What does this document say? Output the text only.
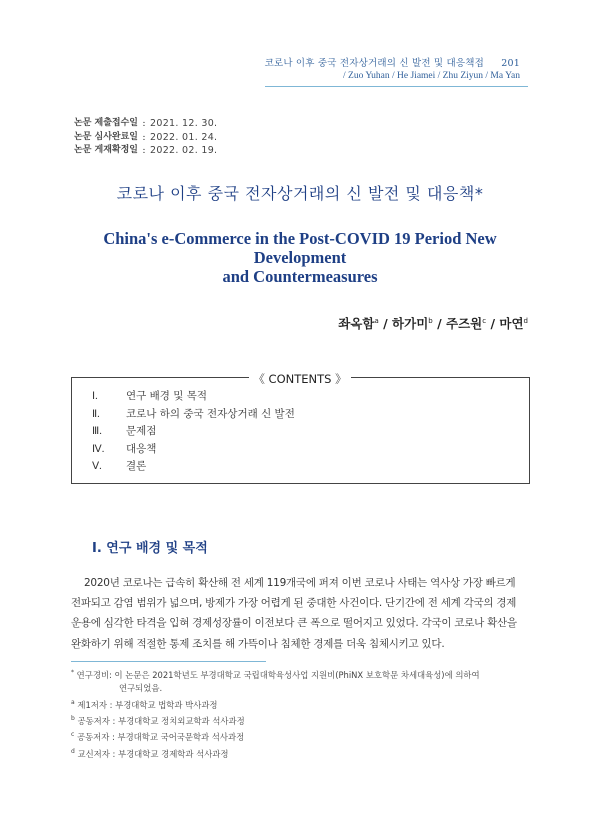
코로나 이후 중국 전자상거래의 신 발전 및 대응책접 201
/ Zuo Yuhan / He Jiamei / Zhu Ziyun / Ma Yan
논문 제출접수일 : 2021. 12. 30.
논문 심사완료일 : 2022. 01. 24.
논문 게재확정일 : 2022. 02. 19.
코로나 이후 중국 전자상거래의 신 발전 및 대응책*
China's e-Commerce in the Post-COVID 19 Period New Development
and Countermeasures
좌옥함$^a$ / 하가미$^b$ / 주즈원$^c$ / 마연$^d$
《 CONTENTS 》
Ⅰ.	연구 배경 및 목적
Ⅱ.	코로나 하의 중국 전자상거래 신 발전
Ⅲ.	문제점
Ⅳ.	대응책
Ⅴ.	결론
Ⅰ. 연구 배경 및 목적
2020년 코로나는 급속히 확산해 전 세계 119개국에 퍼져 이번 코로나 사태는 역사상 가장 빠르게
전파되고 감염 범위가 넓으며, 방제가 가장 어렵게 된 중대한 사건이다. 단기간에 전 세계 각국의 경제
운용에 심각한 타격을 입혀 경제성장률이 이전보다 큰 폭으로 떨어지고 있었다. 각국이 코로나 확산을
완화하기 위해 적절한 통제 조치를 해 가뜩이나 침체한 경제를 더욱 침체시키고 있다.
* 연구경비: 이 논문은 2021학년도 부경대학교 국립대학육성사업 지원비(PhiNX 보호학문 차세대육성)에 의하여
연구되었음.
$^a$ 제1저자 : 부경대학교 법학과 박사과정
$^b$ 공동저자 : 부경대학교 정치외교학과 석사과정
$^c$ 공동저자 : 부경대학교 국어국문학과 석사과정
$^d$ 교신저자 : 부경대학교 경제학과 석사과정
